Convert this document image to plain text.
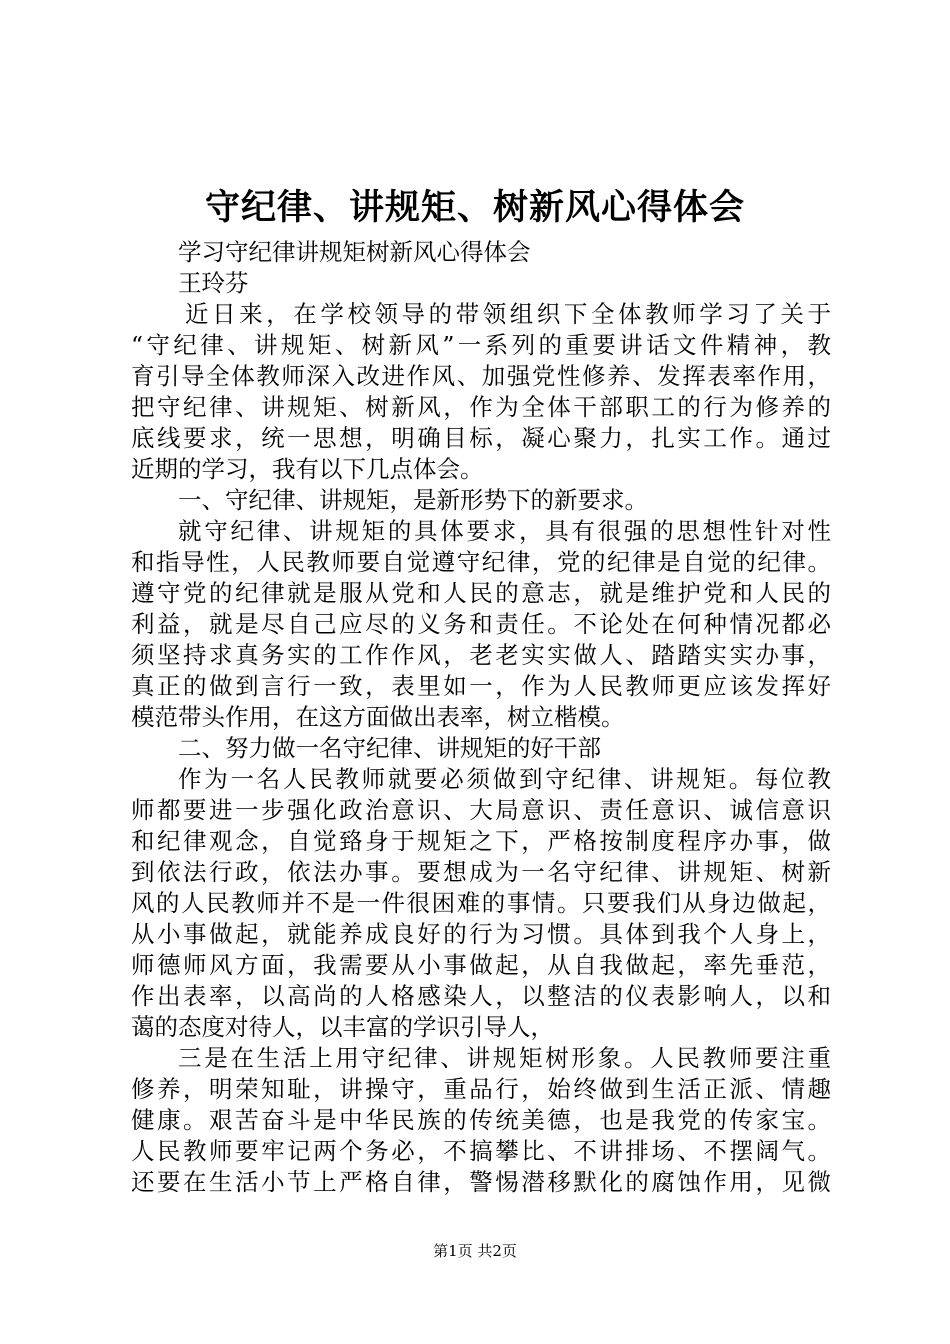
守纪律、讲规矩、树新风心得体会
学习守纪律讲规矩树新风心得体会
王玲芬
近日来，在学校领导的带领组织下全体教师学习了关于
“守纪律、讲规矩、树新风”一系列的重要讲话文件精神，教
育引导全体教师深入改进作风、加强党性修养、发挥表率作用，
把守纪律、讲规矩、树新风，作为全体干部职工的行为修养的
底线要求，统一思想，明确目标，凝心聚力，扎实工作。通过
近期的学习，我有以下几点体会。
一、守纪律、讲规矩，是新形势下的新要求。
就守纪律、讲规矩的具体要求，具有很强的思想性针对性
和指导性，人民教师要自觉遵守纪律，党的纪律是自觉的纪律。
遵守党的纪律就是服从党和人民的意志，就是维护党和人民的
利益，就是尽自己应尽的义务和责任。不论处在何种情况都必
须坚持求真务实的工作作风，老老实实做人、踏踏实实办事，
真正的做到言行一致，表里如一，作为人民教师更应该发挥好
模范带头作用，在这方面做出表率，树立楷模。
二、努力做一名守纪律、讲规矩的好干部
作为一名人民教师就要必须做到守纪律、讲规矩。每位教
师都要进一步强化政治意识、大局意识、责任意识、诚信意识
和纪律观念，自觉臵身于规矩之下，严格按制度程序办事，做
到依法行政，依法办事。要想成为一名守纪律、讲规矩、树新
风的人民教师并不是一件很困难的事情。只要我们从身边做起，
从小事做起，就能养成良好的行为习惯。具体到我个人身上，
师德师风方面，我需要从小事做起，从自我做起，率先垂范，
作出表率，以高尚的人格感染人，以整洁的仪表影响人，以和
蔼的态度对待人，以丰富的学识引导人，
三是在生活上用守纪律、讲规矩树形象。人民教师要注重
修养，明荣知耻，讲操守，重品行，始终做到生活正派、情趣
健康。艰苦奋斗是中华民族的传统美德，也是我党的传家宝。
人民教师要牢记两个务必，不搞攀比、不讲排场、不摆阔气。
还要在生活小节上严格自律，警惕潜移默化的腐蚀作用，见微
第1页 共2页
